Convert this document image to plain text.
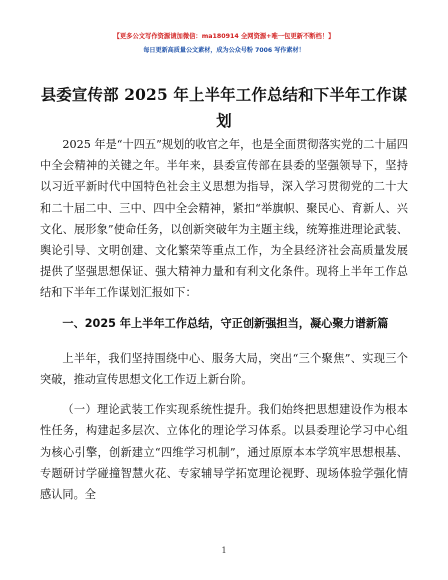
【更多公文写作资源请加微信：ma180914 全网资源+唯一包更新不断档！】
每日更新高质量公文素材，成为公众号粉 7006 写作素材！
县委宣传部 2025 年上半年工作总结和下半年工作谋划

2025 年是“十四五”规划的收官之年，也是全面贯彻落实党的二十届四中全会精神的关键之年。半年来，县委宣传部在县委的坚强领导下，坚持以习近平新时代中国特色社会主义思想为指导，深入学习贯彻党的二十大和二十届二中、三中、四中全会精神，紧扣“举旗帜、聚民心、育新人、兴文化、展形象”使命任务，以创新突破年为主题主线，统筹推进理论武装、舆论引导、文明创建、文化繁荣等重点工作，为全县经济社会高质量发展提供了坚强思想保证、强大精神力量和有利文化条件。现将上半年工作总结和下半年工作谋划汇报如下：

一、2025 年上半年工作总结，守正创新强担当，凝心聚力谱新篇

上半年，我们坚持围绕中心、服务大局，突出“三个聚焦”、实现三个突破，推动宣传思想文化工作迈上新台阶。

（一）理论武装工作实现系统性提升。我们始终把思想建设作为根本性任务，构建起多层次、立体化的理论学习体系。以县委理论学习中心组为核心引擎，创新建立“四维学习机制”，通过原原本本学筑牢思想根基、专题研讨学碰撞智慧火花、专家辅导学拓宽理论视野、现场体验学强化情感认同。全

1
